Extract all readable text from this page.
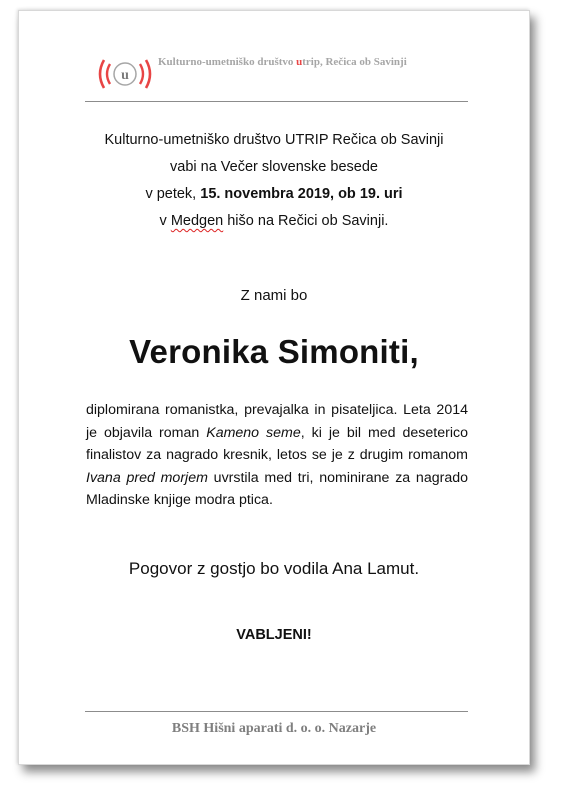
u
Kulturno-umetniško društvo utrip, Rečica ob Savinji
Kulturno-umetniško društvo UTRIP Rečica ob Savinji
vabi na Večer slovenske besede
v petek, 15. novembra 2019, ob 19. uri
v Medgen hišo na Rečici ob Savinji.
Z nami bo
Veronika Simoniti,
diplomirana romanistka, prevajalka in pisateljica. Leta 2014 je objavila roman Kameno seme, ki je bil med deseterico finalistov za nagrado kresnik, letos se je z drugim romanom Ivana pred morjem uvrstila med tri, nominirane za nagrado Mladinske knjige modra ptica.
Pogovor z gostjo bo vodila Ana Lamut.
VABLJENI!
BSH Hišni aparati d. o. o. Nazarje
